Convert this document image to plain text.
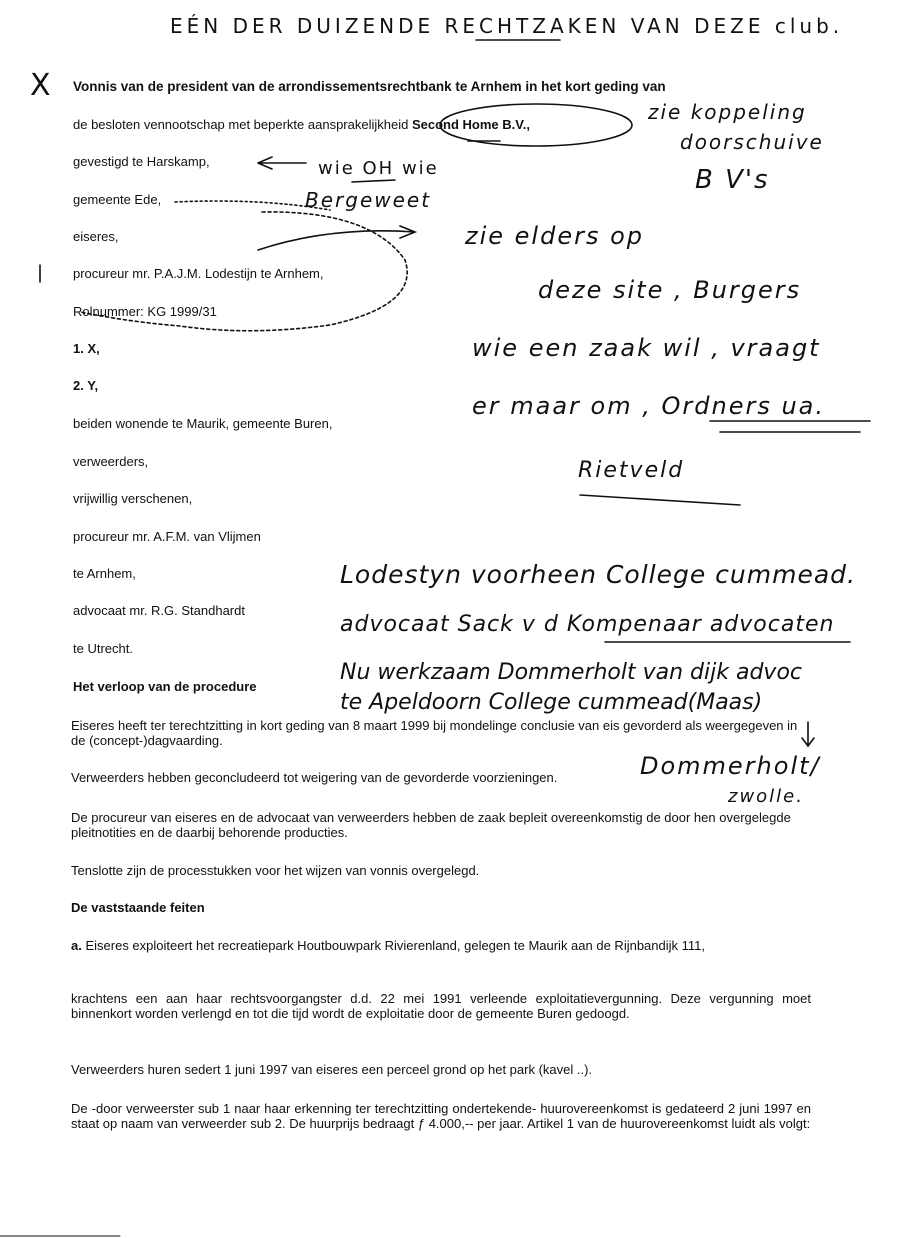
EÉN DER DUIZENDE RECHTZAKEN VAN DEZE club.
X
zie koppeling
doorschuive
B V's
wie OH wie
Bergeweet
zie elders op
deze site , Burgers
wie een zaak wil , vraagt
er maar om , Ordners ua.
Rietveld
Lodestyn voorheen College cummead.
advocaat Sack v d Kompenaar advocaten
Nu werkzaam Dommerholt van dijk advoc
te Apeldoorn College cummead(Maas)
Dommerholt/
zwolle.
Vonnis van de president van de arrondissementsrechtbank te Arnhem in het kort geding van
de besloten vennootschap met beperkte aansprakelijkheid Second Home B.V.,
gevestigd te Harskamp,
gemeente Ede,
eiseres,
procureur mr. P.A.J.M. Lodestijn te Arnhem,
Rolnummer: KG 1999/31
1. X,
2. Y,
beiden wonende te Maurik, gemeente Buren,
verweerders,
vrijwillig verschenen,
procureur mr. A.F.M. van Vlijmen
te Arnhem,
advocaat mr. R.G. Standhardt
te Utrecht.
Het verloop van de procedure
Eiseres heeft ter terechtzitting in kort geding van 8 maart 1999 bij mondelinge conclusie van eis gevorderd als weergegeven in de (concept-)dagvaarding.
Verweerders hebben geconcludeerd tot weigering van de gevorderde voorzieningen.
De procureur van eiseres en de advocaat van verweerders hebben de zaak bepleit overeenkomstig de door hen overgelegde pleitnotities en de daarbij behorende producties.
Tenslotte zijn de processtukken voor het wijzen van vonnis overgelegd.
De vaststaande feiten
a. Eiseres exploiteert het recreatiepark Houtbouwpark Rivierenland, gelegen te Maurik aan de Rijnbandijk 111,
krachtens een aan haar rechtsvoorgangster d.d. 22 mei 1991 verleende exploitatievergunning. Deze vergunning moet binnenkort worden verlengd en tot die tijd wordt de exploitatie door de gemeente Buren gedoogd.
Verweerders huren sedert 1 juni 1997 van eiseres een perceel grond op het park (kavel ..).
De -door verweerster sub 1 naar haar erkenning ter terechtzitting ondertekende- huurovereenkomst is gedateerd 2 juni 1997 en staat op naam van verweerder sub 2. De huurprijs bedraagt ƒ 4.000,-- per jaar. Artikel 1 van de huurovereenkomst luidt als volgt:
